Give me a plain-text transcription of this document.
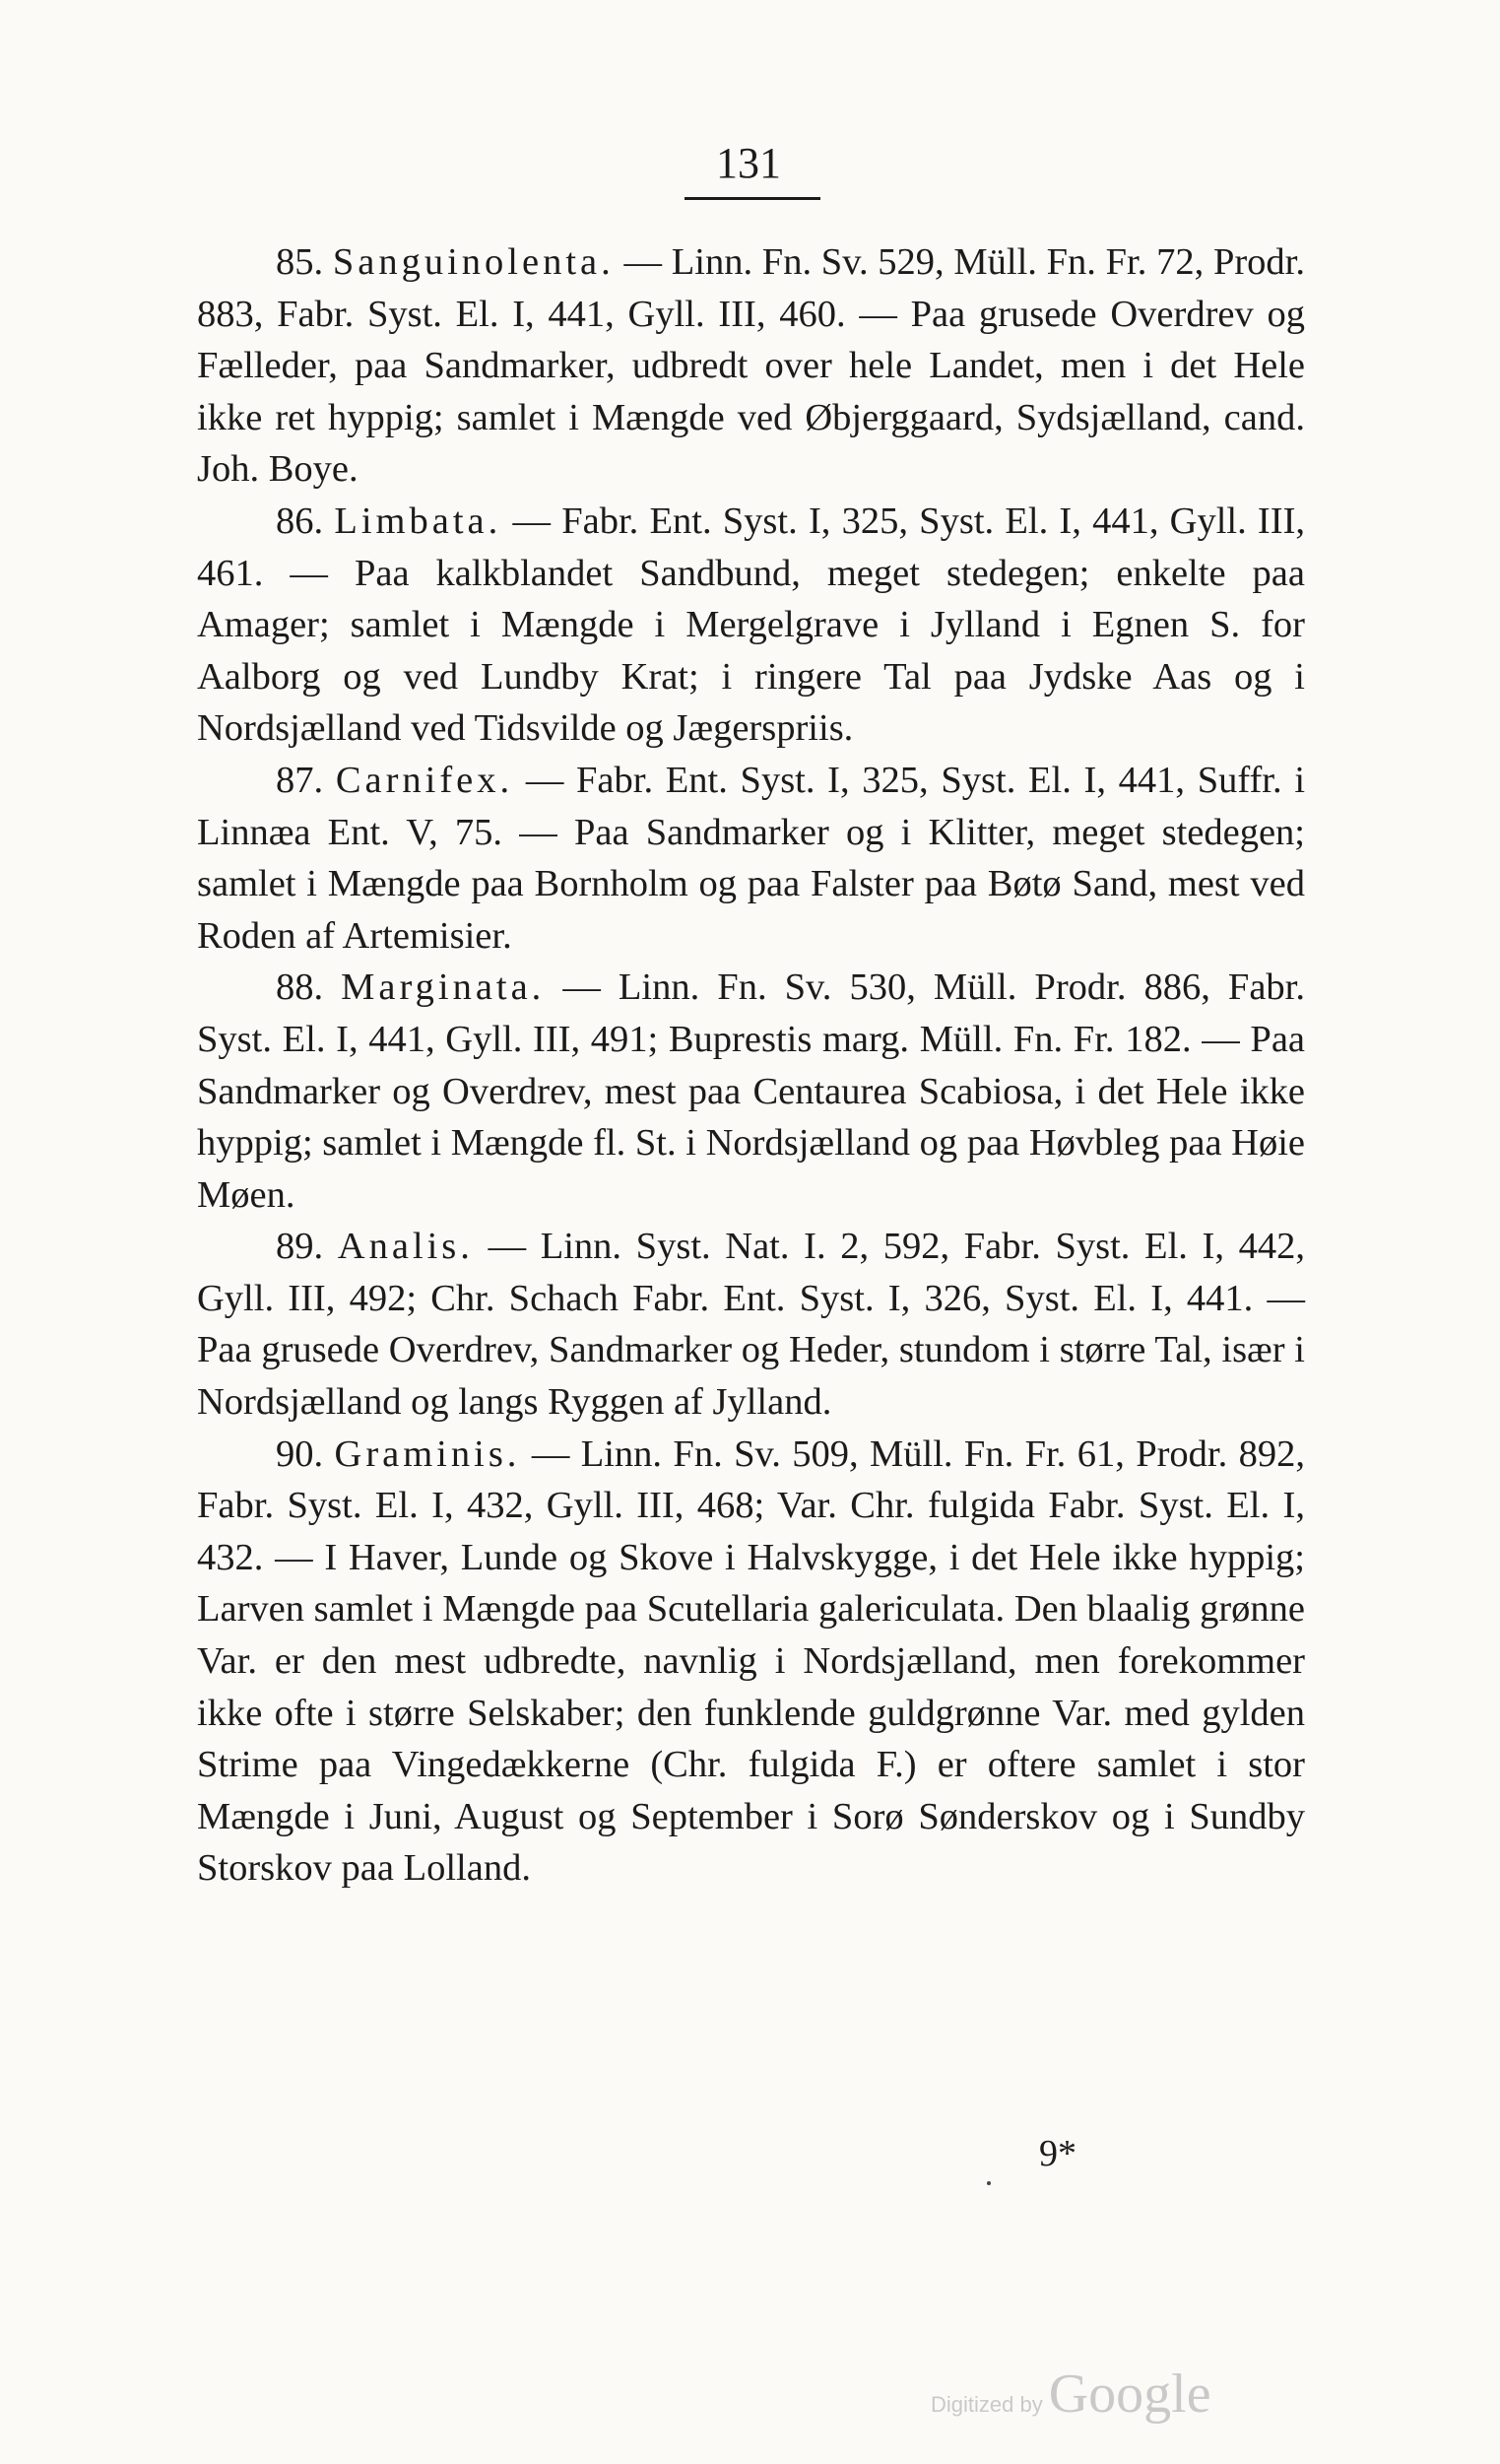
131

85. Sanguinolenta. — Linn. Fn. Sv. 529, Müll. Fn. Fr. 72, Prodr. 883, Fabr. Syst. El. I, 441, Gyll. III, 460. — Paa grusede Overdrev og Fælleder, paa Sandmarker, udbredt over hele Landet, men i det Hele ikke ret hyppig; samlet i Mængde ved Øbjerggaard, Sydsjælland, cand. Joh. Boye.

86. Limbata. — Fabr. Ent. Syst. I, 325, Syst. El. I, 441, Gyll. III, 461. — Paa kalkblandet Sandbund, meget stedegen; enkelte paa Amager; samlet i Mængde i Mergelgrave i Jylland i Egnen S. for Aalborg og ved Lundby Krat; i ringere Tal paa Jydske Aas og i Nordsjælland ved Tidsvilde og Jægerspriis.

87. Carnifex. — Fabr. Ent. Syst. I, 325, Syst. El. I, 441, Suffr. i Linnæa Ent. V, 75. — Paa Sandmarker og i Klitter, meget stedegen; samlet i Mængde paa Bornholm og paa Falster paa Bøtø Sand, mest ved Roden af Artemisier.

88. Marginata. — Linn. Fn. Sv. 530, Müll. Prodr. 886, Fabr. Syst. El. I, 441, Gyll. III, 491; Buprestis marg. Müll. Fn. Fr. 182. — Paa Sandmarker og Overdrev, mest paa Centaurea Scabiosa, i det Hele ikke hyppig; samlet i Mængde fl. St. i Nordsjælland og paa Høvbleg paa Høie Møen.

89. Analis. — Linn. Syst. Nat. I. 2, 592, Fabr. Syst. El. I, 442, Gyll. III, 492; Chr. Schach Fabr. Ent. Syst. I, 326, Syst. El. I, 441. — Paa grusede Overdrev, Sandmarker og Heder, stundom i større Tal, især i Nordsjælland og langs Ryggen af Jylland.

90. Graminis. — Linn. Fn. Sv. 509, Müll. Fn. Fr. 61, Prodr. 892, Fabr. Syst. El. I, 432, Gyll. III, 468; Var. Chr. fulgida Fabr. Syst. El. I, 432. — I Haver, Lunde og Skove i Halvskygge, i det Hele ikke hyppig; Larven samlet i Mængde paa Scutellaria galericulata. Den blaalig grønne Var. er den mest udbredte, navnlig i Nordsjælland, men forekommer ikke ofte i større Selskaber; den funklende guldgrønne Var. med gylden Strime paa Vingedækkerne (Chr. fulgida F.) er oftere samlet i stor Mængde i Juni, August og September i Sorø Sønderskov og i Sundby Storskov paa Lolland.

9*
Digitized by Google
